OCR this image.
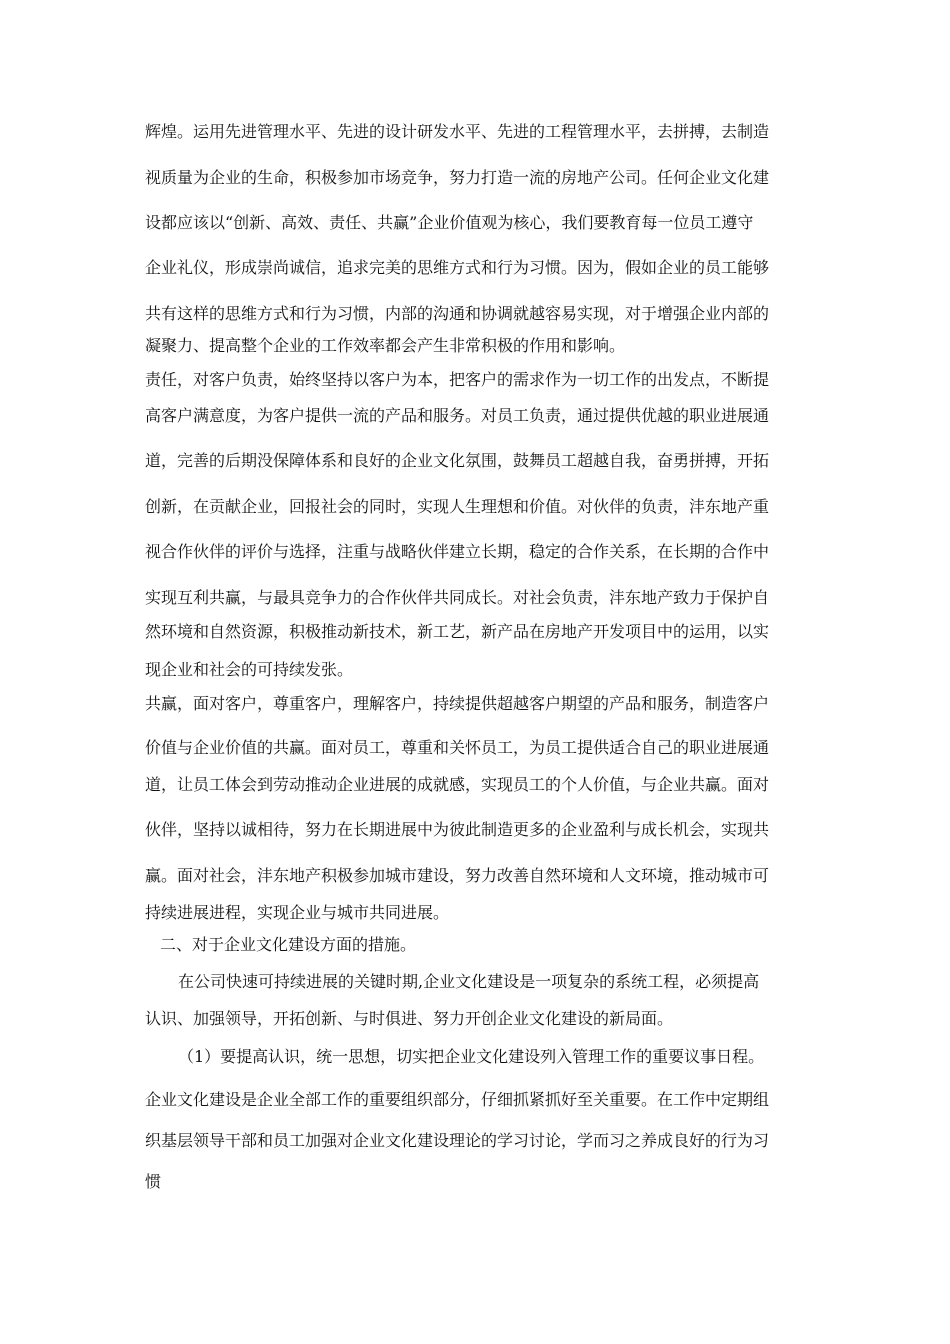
辉煌。运用先进管理水平、先进的设计研发水平、先进的工程管理水平，去拼搏，去制造
视质量为企业的生命，积极参加市场竞争，努力打造一流的房地产公司。任何企业文化建
设都应该以“创新、高效、责任、共赢”企业价值观为核心，我们要教育每一位员工遵守
企业礼仪，形成崇尚诚信，追求完美的思维方式和行为习惯。因为，假如企业的员工能够
共有这样的思维方式和行为习惯，内部的沟通和协调就越容易实现，对于增强企业内部的
凝聚力、提高整个企业的工作效率都会产生非常积极的作用和影响。
责任，对客户负责，始终坚持以客户为本，把客户的需求作为一切工作的出发点，不断提
高客户满意度，为客户提供一流的产品和服务。对员工负责，通过提供优越的职业进展通
道，完善的后期没保障体系和良好的企业文化氛围，鼓舞员工超越自我，奋勇拼搏，开拓
创新，在贡献企业，回报社会的同时，实现人生理想和价值。对伙伴的负责，沣东地产重
视合作伙伴的评价与选择，注重与战略伙伴建立长期，稳定的合作关系，在长期的合作中
实现互利共赢，与最具竞争力的合作伙伴共同成长。对社会负责，沣东地产致力于保护自
然环境和自然资源，积极推动新技术，新工艺，新产品在房地产开发项目中的运用，以实
现企业和社会的可持续发张。
共赢，面对客户，尊重客户，理解客户，持续提供超越客户期望的产品和服务，制造客户
价值与企业价值的共赢。面对员工，尊重和关怀员工，为员工提供适合自己的职业进展通
道，让员工体会到劳动推动企业进展的成就感，实现员工的个人价值，与企业共赢。面对
伙伴，坚持以诚相待，努力在长期进展中为彼此制造更多的企业盈利与成长机会，实现共
赢。面对社会，沣东地产积极参加城市建设，努力改善自然环境和人文环境，推动城市可
持续进展进程，实现企业与城市共同进展。
二、对于企业文化建设方面的措施。
在公司快速可持续进展的关键时期,企业文化建设是一项复杂的系统工程，必须提高
认识、加强领导，开拓创新、与时俱进、努力开创企业文化建设的新局面。
（1）要提高认识，统一思想，切实把企业文化建设列入管理工作的重要议事日程。
企业文化建设是企业全部工作的重要组织部分，仔细抓紧抓好至关重要。在工作中定期组
织基层领导干部和员工加强对企业文化建设理论的学习讨论，学而习之养成良好的行为习
惯
